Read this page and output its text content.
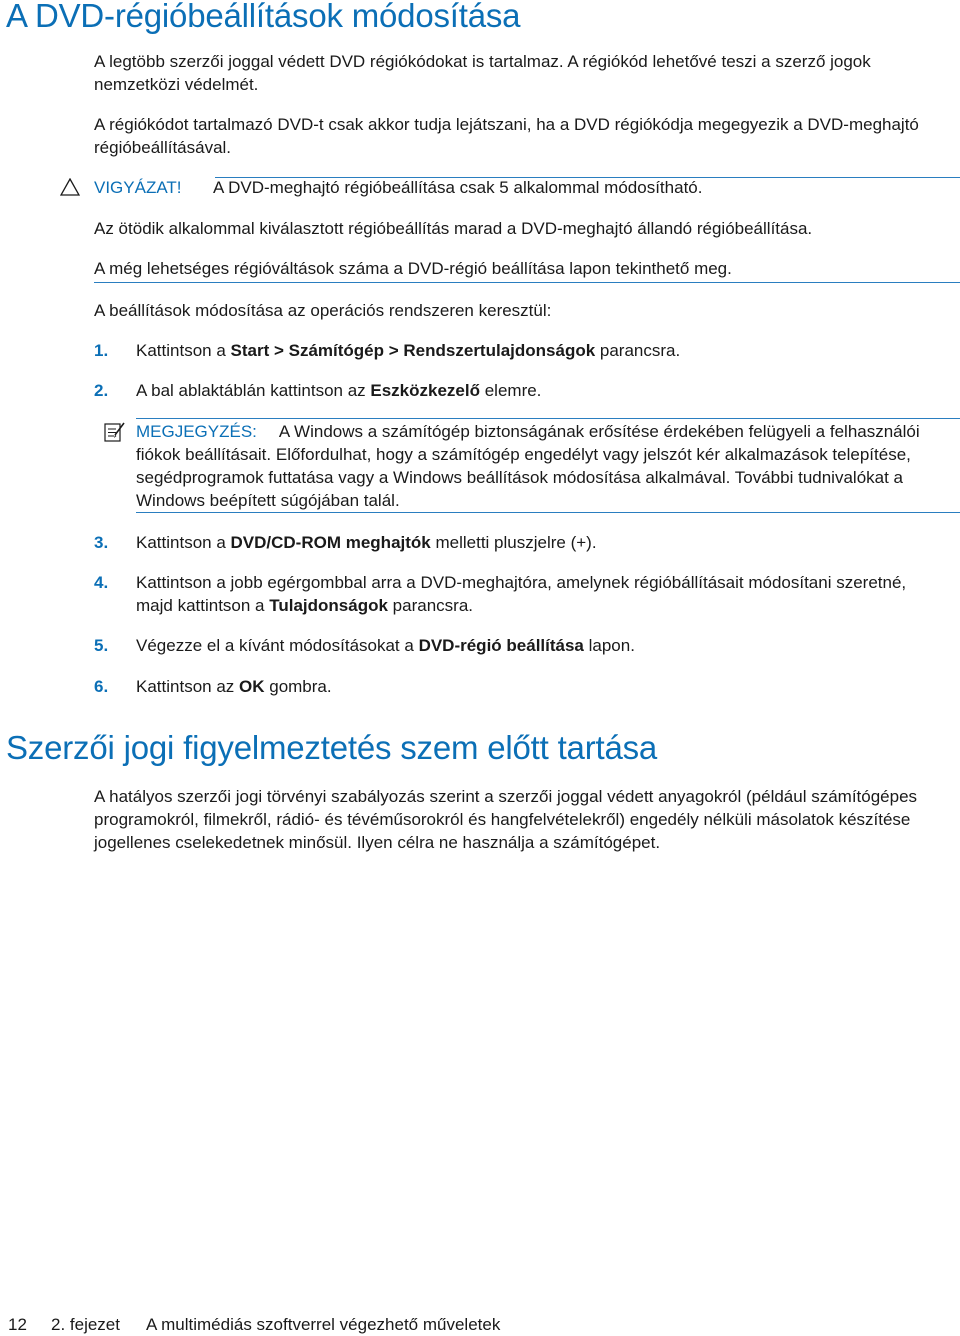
A DVD-régióbeállítások módosítása

A legtöbb szerzői joggal védett DVD régiókódokat is tartalmaz. A régiókód lehetővé teszi a szerző jogok nemzetközi védelmét.

A régiókódot tartalmazó DVD-t csak akkor tudja lejátszani, ha a DVD régiókódja megegyezik a DVD-meghajtó régióbeállításával.

VIGYÁZAT! A DVD-meghajtó régióbeállítása csak 5 alkalommal módosítható.

Az ötödik alkalommal kiválasztott régióbeállítás marad a DVD-meghajtó állandó régióbeállítása.

A még lehetséges régióváltások száma a DVD-régió beállítása lapon tekinthető meg.

A beállítások módosítása az operációs rendszeren keresztül:

1. Kattintson a Start > Számítógép > Rendszertulajdonságok parancsra.

2. A bal ablaktáblán kattintson az Eszközkezelő elemre.

MEGJEGYZÉS: A Windows a számítógép biztonságának erősítése érdekében felügyeli a felhasználói fiókok beállításait. Előfordulhat, hogy a számítógép engedélyt vagy jelszót kér alkalmazások telepítése, segédprogramok futtatása vagy a Windows beállítások módosítása alkalmával. További tudnivalókat a Windows beépített súgójában talál.

3. Kattintson a DVD/CD-ROM meghajtók melletti pluszjelre (+).

4. Kattintson a jobb egérgombbal arra a DVD-meghajtóra, amelynek régióbállításait módosítani szeretné, majd kattintson a Tulajdonságok parancsra.

5. Végezze el a kívánt módosításokat a DVD-régió beállítása lapon.

6. Kattintson az OK gombra.

Szerzői jogi figyelmeztetés szem előtt tartása

A hatályos szerzői jogi törvényi szabályozás szerint a szerzői joggal védett anyagokról (például számítógépes programokról, filmekről, rádió- és tévéműsorokról és hangfelvételekről) engedély nélküli másolatok készítése jogellenes cselekedetnek minősül. Ilyen célra ne használja a számítógépet.

12 2. fejezet A multimédiás szoftverrel végezhető műveletek
